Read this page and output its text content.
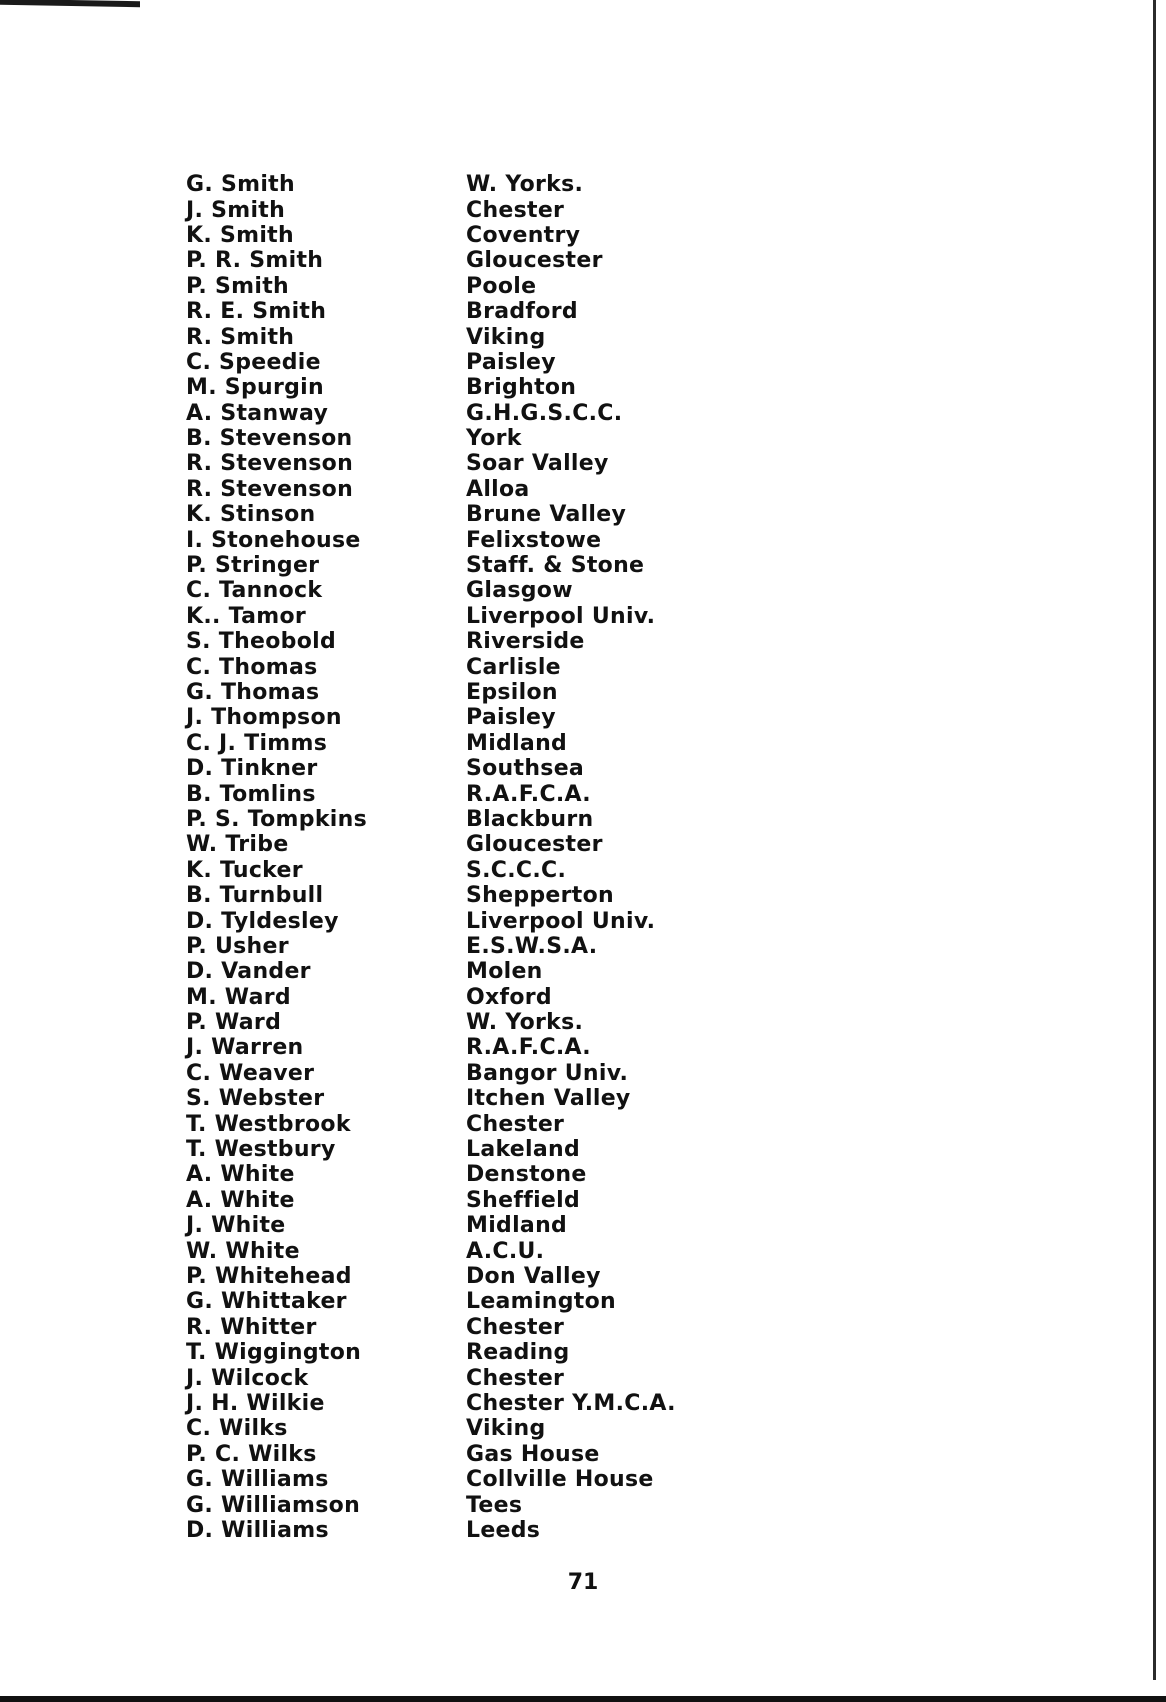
G. Smith	W. Yorks.
J. Smith	Chester
K. Smith	Coventry
P. R. Smith	Gloucester
P. Smith	Poole
R. E. Smith	Bradford
R. Smith	Viking
C. Speedie	Paisley
M. Spurgin	Brighton
A. Stanway	G.H.G.S.C.C.
B. Stevenson	York
R. Stevenson	Soar Valley
R. Stevenson	Alloa
K. Stinson	Brune Valley
I. Stonehouse	Felixstowe
P. Stringer	Staff. & Stone
C. Tannock	Glasgow
K.. Tamor	Liverpool Univ.
S. Theobold	Riverside
C. Thomas	Carlisle
G. Thomas	Epsilon
J. Thompson	Paisley
C. J. Timms	Midland
D. Tinkner	Southsea
B. Tomlins	R.A.F.C.A.
P. S. Tompkins	Blackburn
W. Tribe	Gloucester
K. Tucker	S.C.C.C.
B. Turnbull	Shepperton
D. Tyldesley	Liverpool Univ.
P. Usher	E.S.W.S.A.
D. Vander	Molen
M. Ward	Oxford
P. Ward	W. Yorks.
J. Warren	R.A.F.C.A.
C. Weaver	Bangor Univ.
S. Webster	Itchen Valley
T. Westbrook	Chester
T. Westbury	Lakeland
A. White	Denstone
A. White	Sheffield
J. White	Midland
W. White	A.C.U.
P. Whitehead	Don Valley
G. Whittaker	Leamington
R. Whitter	Chester
T. Wiggington	Reading
J. Wilcock	Chester
J. H. Wilkie	Chester Y.M.C.A.
C. Wilks	Viking
P. C. Wilks	Gas House
G. Williams	Collville House
G. Williamson	Tees
D. Williams	Leeds
71
